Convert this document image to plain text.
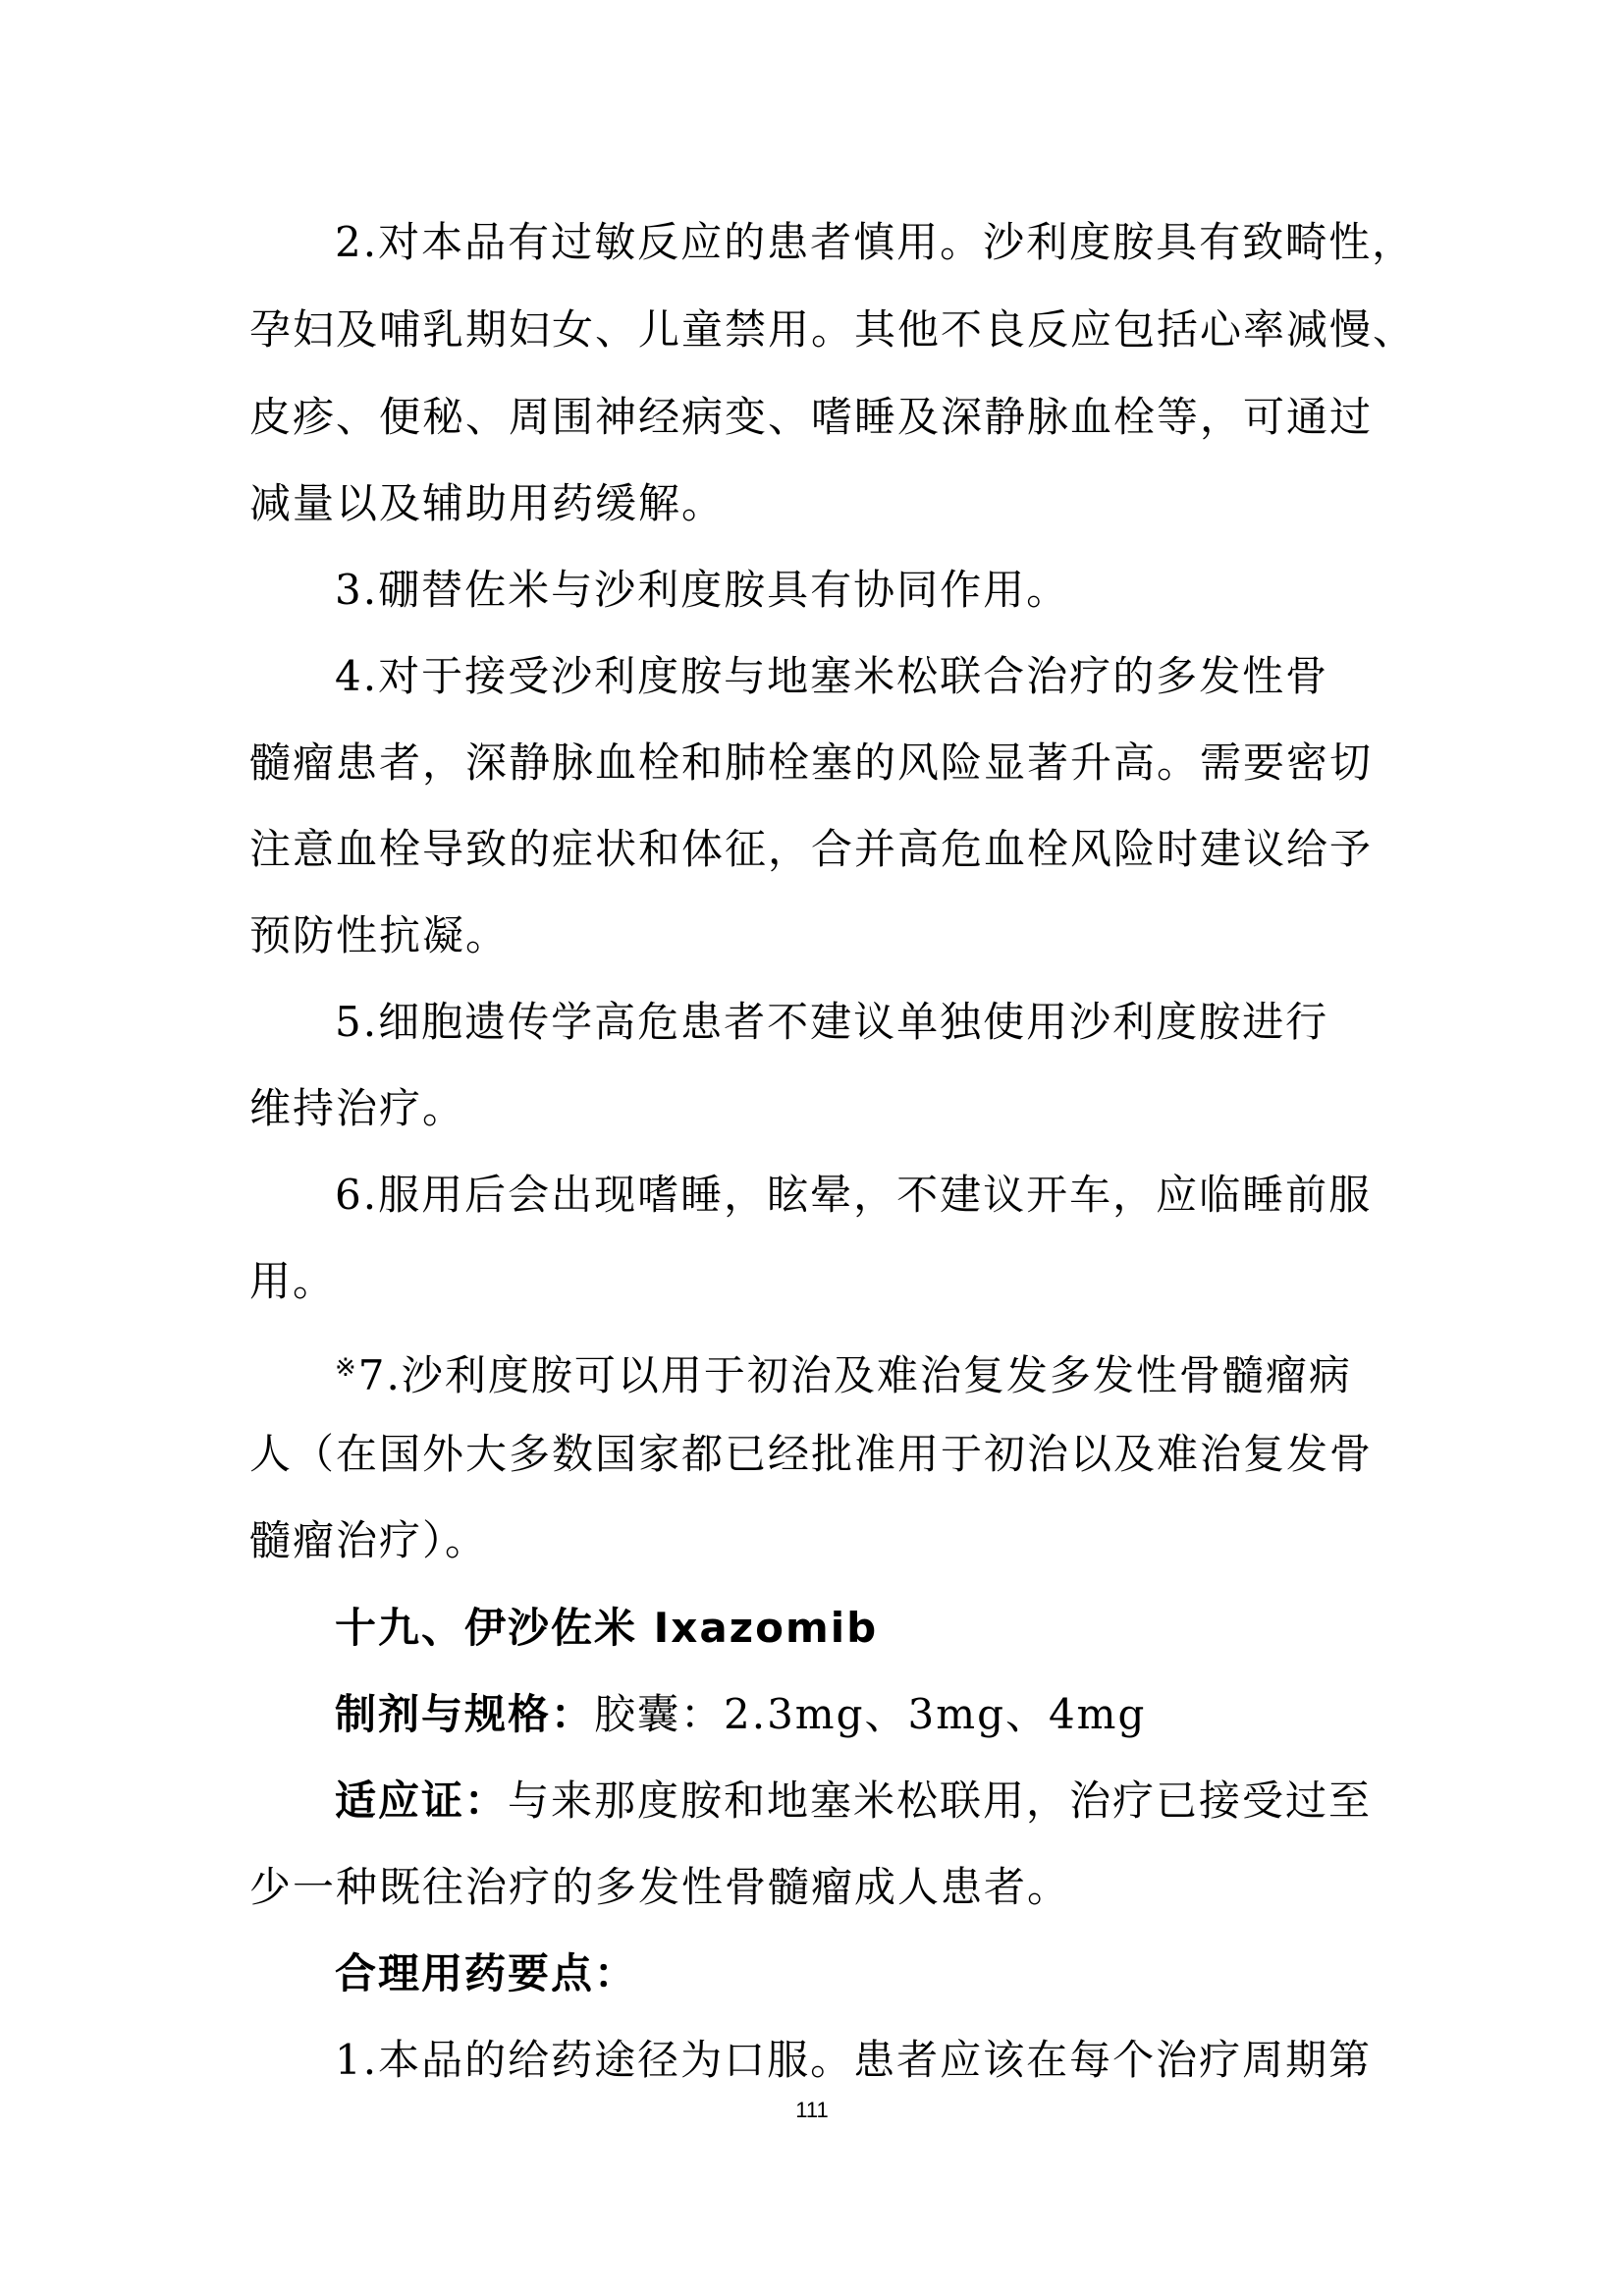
2.对本品有过敏反应的患者慎用。沙利度胺具有致畸性，
孕妇及哺乳期妇女、儿童禁用。其他不良反应包括心率减慢、
皮疹、便秘、周围神经病变、嗜睡及深静脉血栓等，可通过
减量以及辅助用药缓解。
3.硼替佐米与沙利度胺具有协同作用。
4.对于接受沙利度胺与地塞米松联合治疗的多发性骨
髓瘤患者，深静脉血栓和肺栓塞的风险显著升高。需要密切
注意血栓导致的症状和体征，合并高危血栓风险时建议给予
预防性抗凝。
5.细胞遗传学高危患者不建议单独使用沙利度胺进行
维持治疗。
6.服用后会出现嗜睡，眩晕，不建议开车，应临睡前服
用。
※7.沙利度胺可以用于初治及难治复发多发性骨髓瘤病
人（在国外大多数国家都已经批准用于初治以及难治复发骨
髓瘤治疗）。
十九、伊沙佐米 Ixazomib
制剂与规格：胶囊：2.3mg、3mg、4mg
适应证：与来那度胺和地塞米松联用，治疗已接受过至
少一种既往治疗的多发性骨髓瘤成人患者。
合理用药要点：
1.本品的给药途径为口服。患者应该在每个治疗周期第
111
